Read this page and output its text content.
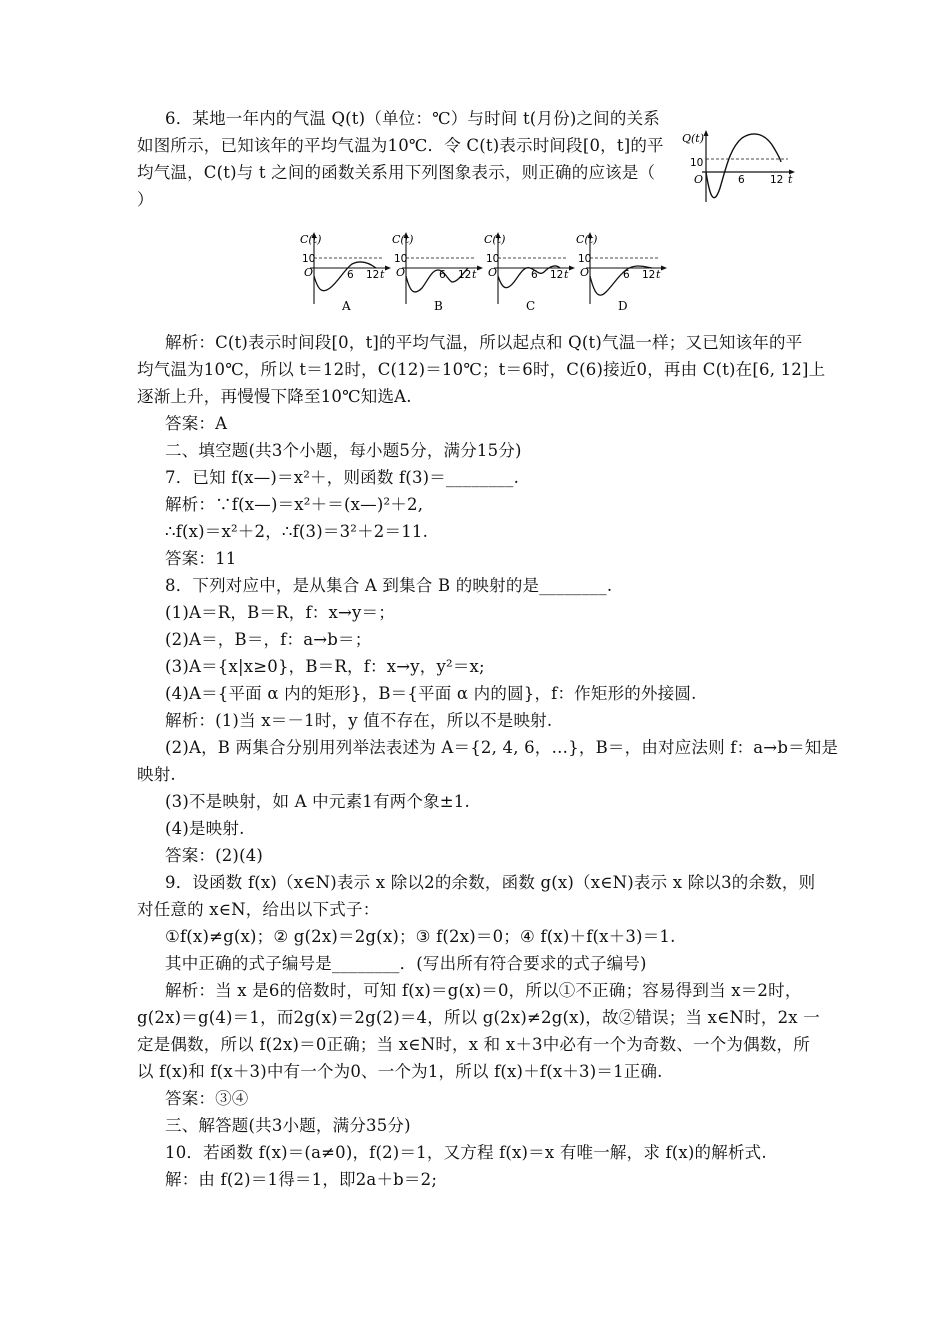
6．某地一年内的气温 Q(t)（单位：℃）与时间 t(月份)之间的关系
如图所示，已知该年的平均气温为10℃．令 C(t)表示时间段[0，t]的平
均气温，C(t)与 t 之间的函数关系用下列图象表示，则正确的应该是（
）
解析：C(t)表示时间段[0，t]的平均气温，所以起点和 Q(t)气温一样；又已知该年的平
均气温为10℃，所以 t＝12时，C(12)＝10℃；t＝6时，C(6)接近0，再由 C(t)在[6, 12]上
逐渐上升，再慢慢下降至10℃知选A.
答案：A
二、填空题(共3个小题，每小题5分，满分15分)
7．已知 f(x—)＝x²＋，则函数 f(3)＝________.
解析：∵f(x—)＝x²＋＝(x—)²＋2,
∴f(x)＝x²＋2，∴f(3)＝3²＋2＝11.
答案：11
8．下列对应中，是从集合 A 到集合 B 的映射的是________.
(1)A＝R，B＝R，f：x→y＝；
(2)A＝，B＝，f：a→b＝；
(3)A＝{x|x≥0}，B＝R，f：x→y，y²＝x;
(4)A＝{平面 α 内的矩形}，B＝{平面 α 内的圆}，f：作矩形的外接圆.
解析：(1)当 x＝－1时，y 值不存在，所以不是映射.
(2)A，B 两集合分别用列举法表述为 A＝{2, 4, 6，…}，B＝，由对应法则 f：a→b＝知是
映射.
(3)不是映射，如 A 中元素1有两个象±1.
(4)是映射.
答案：(2)(4)
9．设函数 f(x)（x∈N)表示 x 除以2的余数，函数 g(x)（x∈N)表示 x 除以3的余数，则
对任意的 x∈N，给出以下式子：
①f(x)≠g(x)；② g(2x)＝2g(x)；③ f(2x)＝0；④ f(x)＋f(x＋3)＝1.
其中正确的式子编号是________．(写出所有符合要求的式子编号)
解析：当 x 是6的倍数时，可知 f(x)＝g(x)＝0，所以①不正确；容易得到当 x＝2时，
g(2x)＝g(4)＝1，而2g(x)＝2g(2)＝4，所以 g(2x)≠2g(x)，故②错误；当 x∈N时，2x 一
定是偶数，所以 f(2x)＝0正确；当 x∈N时，x 和 x＋3中必有一个为奇数、一个为偶数，所
以 f(x)和 f(x＋3)中有一个为0、一个为1，所以 f(x)＋f(x＋3)＝1正确.
答案：③④
三、解答题(共3小题，满分35分)
10．若函数 f(x)＝(a≠0)，f(2)＝1，又方程 f(x)＝x 有唯一解，求 f(x)的解析式.
解：由 f(2)＝1得＝1，即2a＋b＝2;
Q(t)
10
O	6 12 t
C(t)
10
O	6 12 t
A
C(t)
10
O	6 12 t
B
C(t)
10
O	6 12 t
C
C(t)
10
O	6 12 t
D
